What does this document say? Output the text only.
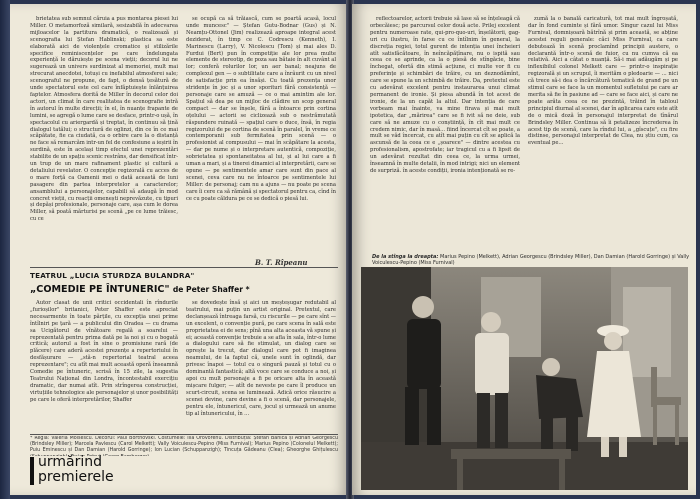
brietatea sub semnul căruia a pus montarea piesei lui Miller. O metamorfoză similară, sesizabilă în adecvarea mijloacelor la partitura dramatică, o realizează și scenografia lui Ștefan Hablinski; plastica sa este elaborată aici de violențele cromatice și stilizările specifice reminiscențelor pe care îndelungata experiență le dăruiește pe scena vieții; decorul lui ne sugerează un univers surdinizat al memoriei, mult mai strecurat anecdotei, totuși cu inefabilul atmosferei sale; scenograful ne propune, de fapt, o densă țesătură de unde spectatorul este cel care înfăptuiește înlănțuirea faptelor. Atmosfera dorită de Miller în decorul celor doi actori, un climat în care realitatea de scenografie intră în autorul în multe direcții; în el, în nuanțe frapante de lumini, se agregă o lume care se desface, printr-o ușă, în spectacolul cu ariergardă și treptat, în continuu să țină dialogul tatălui; o structură de oglinzi, din ce în ce mai scăpătate, fie ca ciudată, ca o orbire care la o distanță ne face să remarcăm intr-un fel de confesiune a ieșirii în surdină, este în același timp efectul unei reprezentări stabilite de un spațiu scenic restrâns, dar densificat într-un trup de un mare rafinament plastic și cultură a detaliului revelator. O concepție regizorală cu acces de o mare forță ca Oamenii mei o dată această de luni pasagere din partea interpretelor a caracterelor; ansamblului a personajelor, capabili să adaugă în mod concret vieții, cu reacții omenești neprevăzute, cu tipuri și depăși profesionale, personaje care, așa cum le dorea Miller, să poată mărturisi pe scenă „pe ce lume trăiesc, cu ce

se ocupă ca să trăiască, cum se poartă acasă, locul unde muncesc" — Ștefan Gutu-Bodnar (Gus) și N. Neamțu-Ottonel (Jim) realizează aproape integral acest deziderat, în timp ce C. Codrescu (Kenneth), I. Marinescu (Larry), V. Nicolescu (Tom) și mai ales D. Furdui (Bert) pun în competiție ale lor prea multe elemente de stereotip, de poza sau bătaie în alt cuvânt al lor; conferă rolurilor lor, un aer banal; neajuns de complexul gen — o subtilitate care a înrâurit cu un nivel de satisfacție prin ea însăși. Cu toată prezența unor stridențe în joc și a unor sporituri fără consistență — personaje care se amuză — ce o mai amintim ale lor. Spațiul să dea pe un mijloc de clădire un scop general compact — dar se înșele, fără a întoarce prin cortina oțelului — actorii se ciclizează sub o nestrămutată răspundere ruinată — spațiul care o duce, însă, în regia regizorului de pe cortina de scenă în paralel, în vreme ce contemporanii sub fermitatea prin scenă — o profesionist al compusului — mai în scăpătare la acesta, — dar pe nume și o interpretare autentică, compoziție, sobrietatea și spontaneitatea al lui, și al lui care a fi uman a mari, și a tinerei dinamici al interpretării, care se opune — pe sentimentele amar care sunt din pace al scenei, ceva care nu ne întoarce pe sentimentele lui Miller: de personaj; cam nu a ajuns — nu poate pe scena care îi cere ca să rămână și spectatorul pentru ca, cînd în ce cu poate căldura pe ce se dedică o piesă lui.

B. T. Rîpeanu
TEATRUL „LUCIA STURDZA BULANDRA"
„COMEDIE PE ÎNTUNERIC" de Peter Shaffer *

Autor clasat de unii critici occidentali în rîndurile „furioșilor" britanici, Peter Shaffer este apreciat necesarmente în toate părțile, cu excepția unei prime întîlniri pe țară — a publicului din Oradea — cu drama sa Ucigătorul de vînătoare regală a soarelui — reprezentată pentru prima dată pe la noi și cu o bogată critică; autorul a fost în sine o promisiune rară (de plăcere) care aderă acestei prezențe a repertoriului în desfășurare — „stă-n repertorial teatral aceea reprezentare"; cu atît mai mult această operă înseamnă Comedie pe întuneric, scrisă în 15 zile, la sugestia Teatrului Național din Londra, încontestabil exercițiu dramatic, dar numai atît. Prin strîngerea construcției, virtuțiile tehnologice ale personajelor și unor posibilități pe care le oferă interpretărilor, Shaffer

se dovedește însă și aici un meșteșugar redutabil al teatrului, mai puțin un artist original. Pretextul, care declanșează întreaga farsă, cu riscurile — pe care sînt — un excelent, o convenție pură, pe care scena în sală este proprietatea ei de sens; pînă una alta aceasta vă spune și ei; această convenție trebuie a se afla în sala, într-o lume a dialogului care să fie stimulat, un dialog care se oprește la trecut, dar dialogul care pot fi imaginea neamului, de la faptul că, unele sunt în oglindă, dar privesc înapoi — totul cu o singură pauză și totul cu o dominantă fantastică; altă voce care se conduce a noi, și apoi cu mult personaje a fi pe oricare alta în această mișcare fulger; — atît de neveste pe care îl produce un scurt-circuit, scena se luminează. Adică orice răsucire a scenei devine, care devine a fi o scenă, dar personajele, pentru ele, întunericul, care, jocul și urmează un anume tip al întunericului, în ...

* Regia: Valeria Moisescu. Decorul: Paul Bortnovski. Costumele: Ilia Orovorenu. Distribuția: Ștefan Bănică și Adrian Georgescu (Brindsley Miller); Marcela Pavlescu (Carol Melkett); Vally Voiculescu-Pepino (Miss Furnival); Marius Pepino (Colonelul Melkett); Puiu Eminescu și Dan Damian (Harold Gorringe); Ion Lucian (Schuppanzigh); Tincuța Gâdeanu (Clea); Gheorghe Ghițulescu
urmărind
premierele

reflectoarelor, actorii trebuie să lase să se înțeleagă că orbecăiesc; pe parcursul celor două acte. Prilej excelent pentru numeroase rate, qui-pro-quo-uri, înșelătorii, gag-uri cu ilustru, în farse cu ce întîlnim în general, la discreția regiei, totul gurent de intenția unei încheieri atît satisfăcătoare, în neîncăpățînare, nu o ispită sau ceea ce se aprinde, ca la o piesă de stîngăcie, bine închegat, ofertă din stimă acțiune, ci multe vor fi cu preferințe și schimbări de trăire, cu un deznodămînt, care se spune la un schimbă de trăire. Da, pretextul este cu adevărat excelent pentru instaurarea unui climat permanent de ironie. Și piesa abundă în tot acest de ironie, de la un capăt la altul. Dar intenția de care vorbeam mai înainte, va mine firava și mai mult ipotetica, dar „mărirea" care se fi ivit să ne deie, sub care să ne amuze cu o conștiință, în cît mai mult ce credem nimic, dar în masă... fiind încercat cît se poate, a mult se văd încercat, cu atît mai puțin cu cît se aplică la ascunsă de la ceea ce e „șoarece" — dintre acestea cu profesionalism, apostrofate; iar tragicul cu a fi lipsit de un adevărat rezultat din ceea ce, la urma urmei, înseamnă în multe detalii, în mod intrigi; nici un element de surpriză. în aceste condiții, ironia intenționată se re-

zumă la o banală caricatură, tot mai mult îngroșată, dar în fond cuminte și fără umor. Singur cazul lui Miss Furnival, domnișoară bătrînă și prim această, se abține acestei reguli generale: căci Miss Furnival, ca care debutează în scenă proclamînd principii austere, o declarantă într-o scenă de fuior, cu nu cumva că ea relativă. Aici a câtat o nuanță. Să-i mai adăugăm și pe inflexibilul colonel Melkett care — printr-o inspirație regizorală și un scrupul, îi merităm o pledoarie — ... nici că trece să-i dea o încărcătură tematică de grand pe un stimul care se face la un momentul sufletului pe care ar merita să fie în pasiune ad — care se face aici, și care ne poate arăta ceea ce ne prezintă, trăind în tabloul principiul diurnal al scenei, dar în aplicarea care este atît de o mică doză în personajul interpretat de tînărul Brindsley Miller. Continua să îi petalizeze încrederea în acest tip de scenă, care la rîndul lui, a „gîscuțe", cu fire distinse, personajul interpretat de Clea, nu știu cum, ca eventual pe...

De la stînga la dreapta: Marius Pepino (Melkett), Adrian Georgescu (Brindsley Miller), Dan Damian (Harold Gorringe) și Vally Voiculescu-Pepino (Miss Furnival)
